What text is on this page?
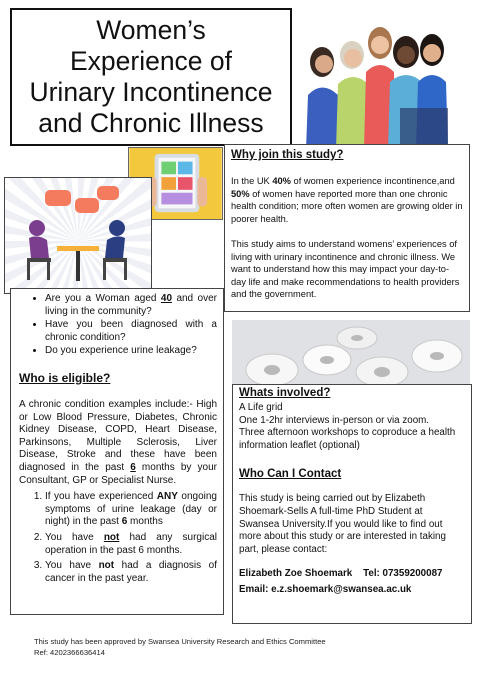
Women’s
Experience of
Urinary Incontinence
and Chronic Illness
Why join this study?

In the UK 40% of women experience incontinence,and 50% of women have reported more than one chronic health condition; more often women are growing older in poorer health.

This study aims to understand womens’ experiences of living with urinary incontinence and chronic illness. We want to understand how this may impact your day-to-day life and make recommendations to health providers and the government.

• Are you a Woman aged 40 and over living in the community?
• Have you been diagnosed with a chronic condition?
• Do you experience urine leakage?
Who is eligible?

A chronic condition examples include:- High or Low Blood Pressure, Diabetes, Chronic Kidney Disease, COPD, Heart Disease, Parkinsons, Multiple Sclerosis, Liver Disease, Stroke and these have been diagnosed in the past 6 months by your Consultant, GP or Specialist Nurse.

1. If you have experienced ANY ongoing symptoms of urine leakage (day or night) in the past 6 months
2. You have not had any surgical operation in the past 6 months.
3. You have not had a diagnosis of cancer in the past year.
Whats involved?

A Life grid

One 1-2hr interviews in-person or via zoom.

Three afternoon workshops to coproduce a health information leaflet (optional)

Who Can I Contact

This study is being carried out by Elizabeth Shoemark-Sells A full-time PhD Student at Swansea University.If you would like to find out more about this study or are interested in taking part, please contact:

Elizabeth Zoe Shoemark    Tel: 07359200087
Email: e.z.shoemark@swansea.ac.uk
This study has been approved by Swansea University Research and Ethics Committee
Ref: 4202366636414
